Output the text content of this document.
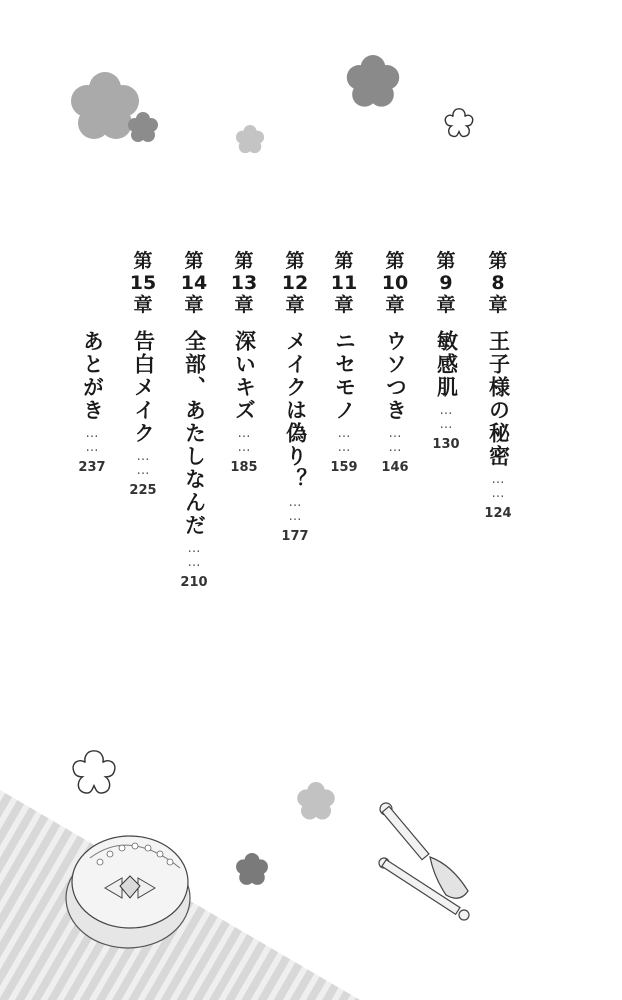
第
8
章
王子様の秘密
……
124
第
9
章
敏感肌
……
130
第
10
章
ウソつき
……
146
第
11
章
ニセモノ
……
159
第
12
章
メイクは偽り？
……
177
第
13
章
深いキズ
……
185
第
14
章
全部、あたしなんだ
……
210
第
15
章
告白メイク
……
225
あとがき
……
237
